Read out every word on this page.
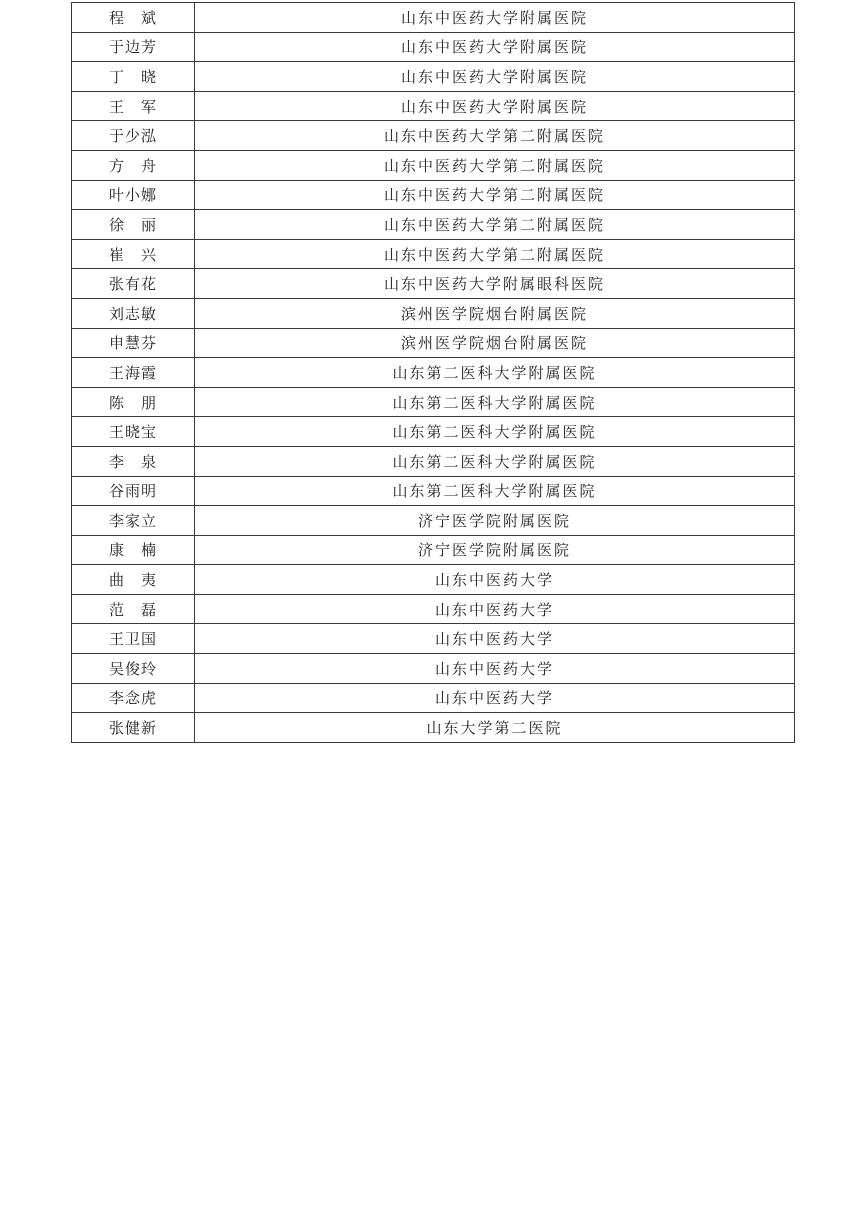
程　斌	山东中医药大学附属医院
于边芳	山东中医药大学附属医院
丁　晓	山东中医药大学附属医院
王　军	山东中医药大学附属医院
于少泓	山东中医药大学第二附属医院
方　舟	山东中医药大学第二附属医院
叶小娜	山东中医药大学第二附属医院
徐　丽	山东中医药大学第二附属医院
崔　兴	山东中医药大学第二附属医院
张有花	山东中医药大学附属眼科医院
刘志敏	滨州医学院烟台附属医院
申慧芬	滨州医学院烟台附属医院
王海霞	山东第二医科大学附属医院
陈　朋	山东第二医科大学附属医院
王晓宝	山东第二医科大学附属医院
李　泉	山东第二医科大学附属医院
谷雨明	山东第二医科大学附属医院
李家立	济宁医学院附属医院
康　楠	济宁医学院附属医院
曲　夷	山东中医药大学
范　磊	山东中医药大学
王卫国	山东中医药大学
吴俊玲	山东中医药大学
李念虎	山东中医药大学
张健新	山东大学第二医院
